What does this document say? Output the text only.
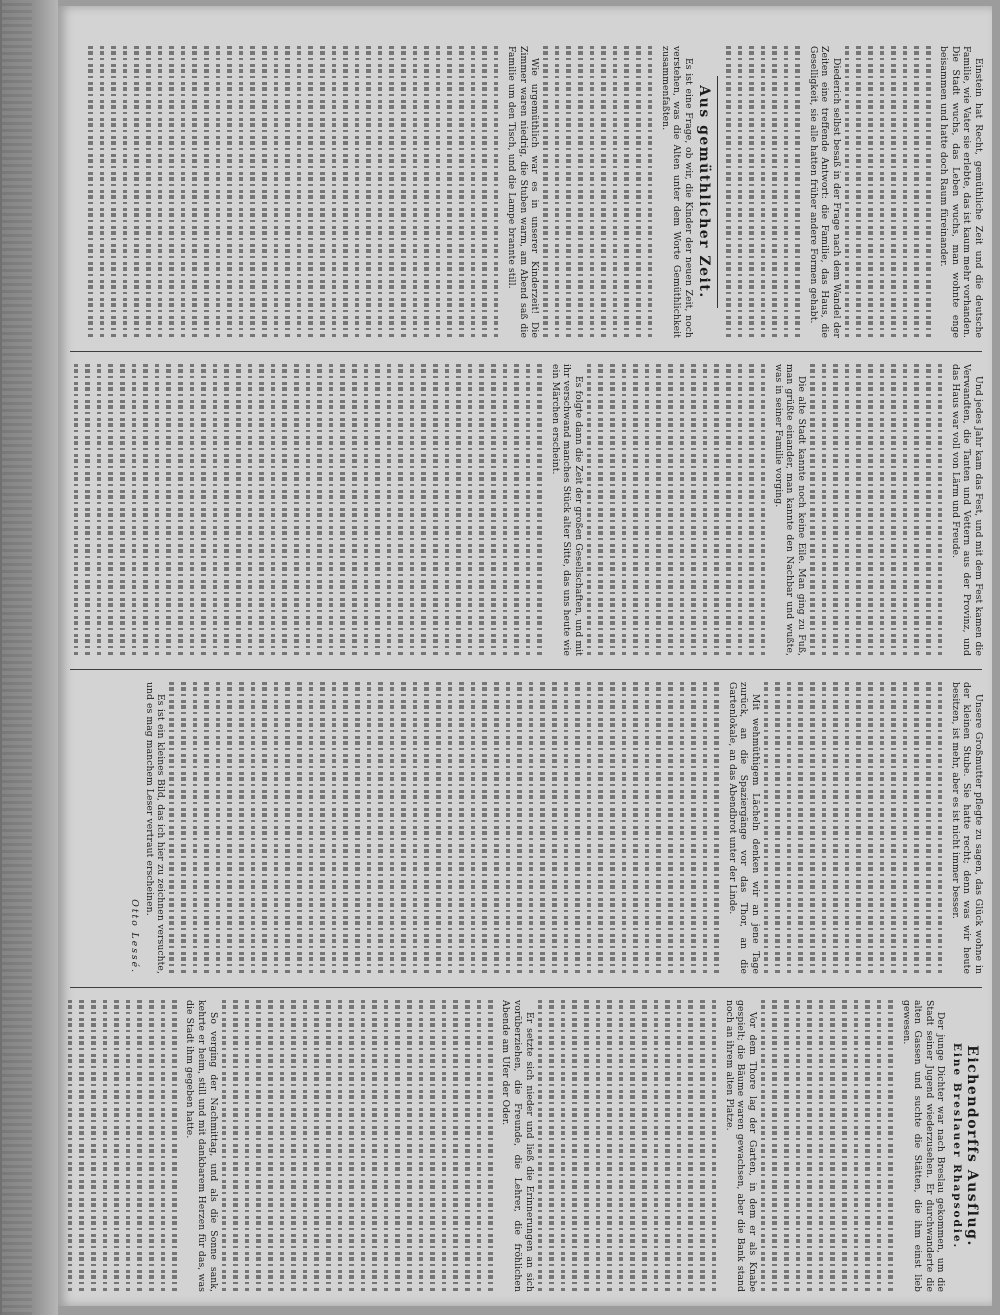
Einstein hat Recht, gemüthliche Zeit und die deutsche Familie, wie Vater sie erlebte, das ist kaum mehr vorhanden. Die Stadt wuchs, das Leben wuchs, man wohnte enge beisammen und hatte doch Raum füreinander.

Diederich selbst besaß in der Frage nach dem Wandel der Zeiten eine treffende Antwort: die Familie, das Haus, die Geselligkeit, sie alle hatten früher andere Formen gehabt.

Aus gemüthlicher Zeit.

Es ist eine Frage, ob wir, die Kinder der neuen Zeit, noch verstehen, was die Alten unter dem Worte Gemüthlichkeit zusammenfaßten.

Wie urgemüthlich war es in unserer Kinderzeit! Die Zimmer waren niedrig, die Stuben warm, am Abend saß die Familie um den Tisch, und die Lampe brannte still.

Und jedes Jahr kam das Fest, und mit dem Fest kamen die Verwandten, die Tanten und Vettern aus der Provinz, und das Haus war voll von Lärm und Freude.

Die alte Stadt kannte noch keine Eile. Man ging zu Fuß, man grüßte einander, man kannte den Nachbar und wußte, was in seiner Familie vorging.

Es folgte dann die Zeit der großen Gesellschaften, und mit ihr verschwand manches Stück alter Sitte, das uns heute wie ein Märchen erscheint.

Unsere Großmutter pflegte zu sagen, das Glück wohne in der kleinen Stube. Sie hatte recht; denn was wir heute besitzen, ist mehr, aber es ist nicht immer besser.

Mit wehmüthigem Lächeln denken wir an jene Tage zurück, an die Spaziergänge vor das Thor, an die Gartenlokale, an das Abendbrot unter der Linde.

Es ist ein kleines Bild, das ich hier zu zeichnen versuchte, und es mag manchem Leser vertraut erscheinen.

Otto Lessé.
Eichendorffs Ausflug.
Eine Breslauer Rhapsodie.

Der junge Dichter war nach Breslau gekommen, um die Stadt seiner Jugend wiederzusehen. Er durchwanderte die alten Gassen und suchte die Stätten, die ihm einst lieb gewesen.

Vor dem Thore lag der Garten, in dem er als Knabe gespielt; die Bäume waren gewachsen, aber die Bank stand noch an ihrem alten Platze.

Er setzte sich nieder und ließ die Erinnerungen an sich vorüberziehen, die Freunde, die Lehrer, die fröhlichen Abende am Ufer der Oder.

So verging der Nachmittag, und als die Sonne sank, kehrte er heim, still und mit dankbarem Herzen für das, was die Stadt ihm gegeben hatte.
